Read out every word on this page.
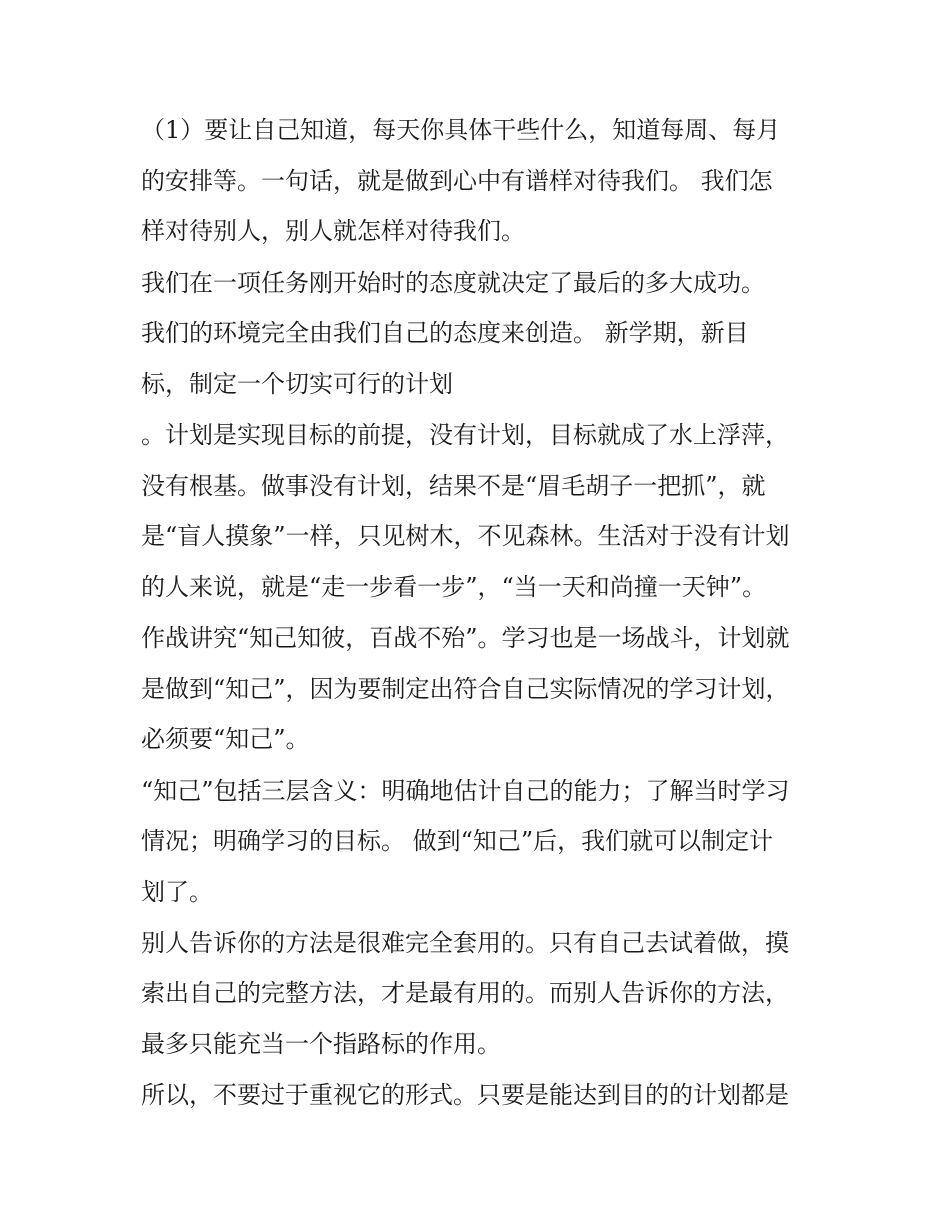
（1）要让自己知道，每天你具体干些什么，知道每周、每月
的安排等。一句话，就是做到心中有谱样对待我们。 我们怎
样对待别人，别人就怎样对待我们。
我们在一项任务刚开始时的态度就决定了最后的多大成功。
我们的环境完全由我们自己的态度来创造。 新学期，新目
标，制定一个切实可行的计划
。计划是实现目标的前提，没有计划，目标就成了水上浮萍，
没有根基。做事没有计划，结果不是“眉毛胡子一把抓”，就
是“盲人摸象”一样，只见树木，不见森林。生活对于没有计划
的人来说，就是“走一步看一步”，“当一天和尚撞一天钟”。
作战讲究“知己知彼，百战不殆”。学习也是一场战斗，计划就
是做到“知己”，因为要制定出符合自己实际情况的学习计划，
必须要“知己”。
“知己”包括三层含义：明确地估计自己的能力；了解当时学习
情况；明确学习的目标。 做到“知己”后，我们就可以制定计
划了。
别人告诉你的方法是很难完全套用的。只有自己去试着做，摸
索出自己的完整方法，才是最有用的。而别人告诉你的方法，
最多只能充当一个指路标的作用。
所以，不要过于重视它的形式。只要是能达到目的的计划都是
